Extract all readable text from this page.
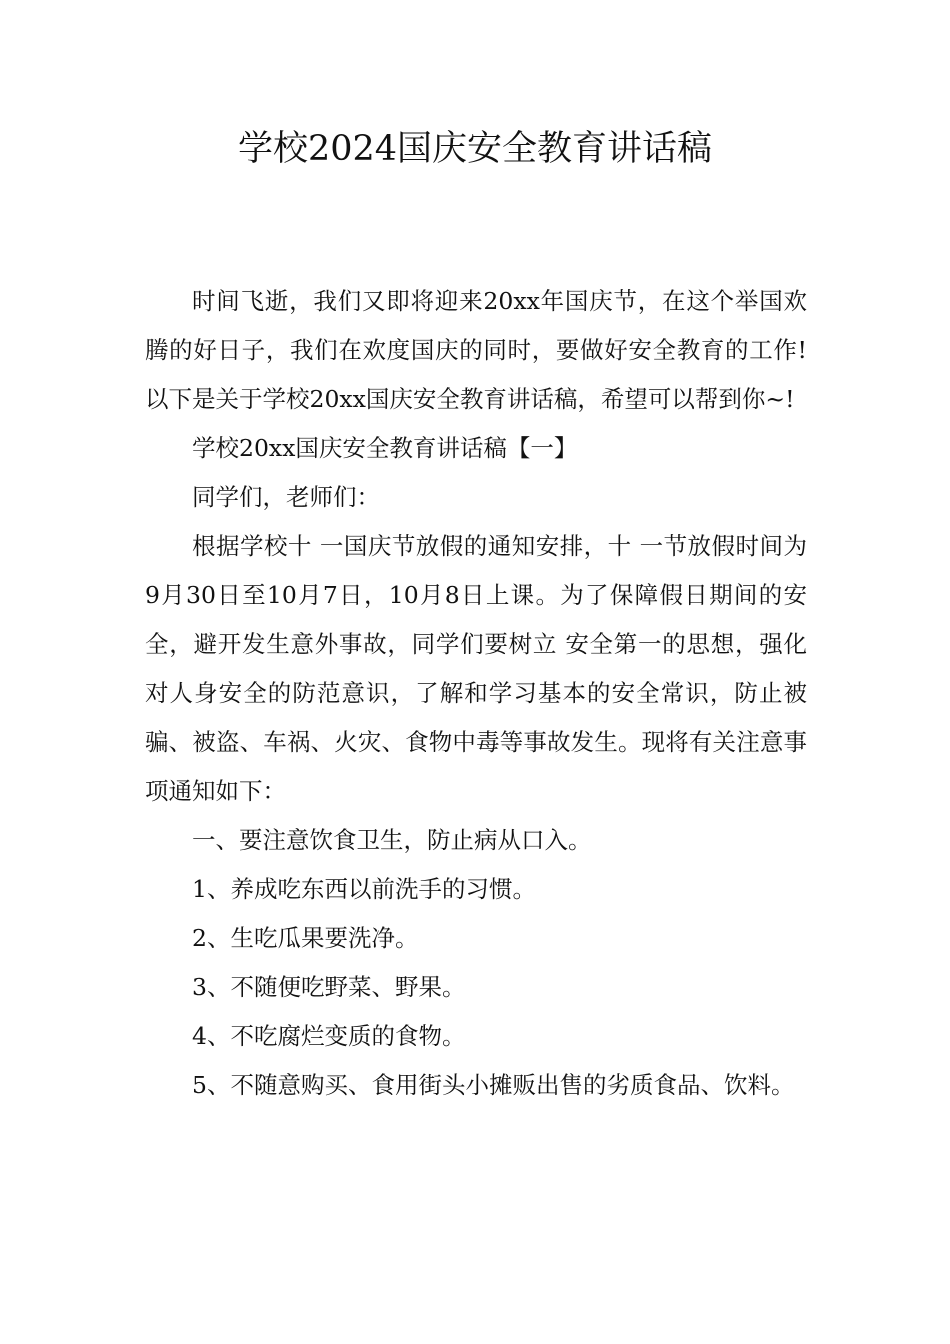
学校2024国庆安全教育讲话稿

时间飞逝，我们又即将迎来20xx年国庆节，在这个举国欢腾的好日子，我们在欢度国庆的同时，要做好安全教育的工作!以下是关于学校20xx国庆安全教育讲话稿，希望可以帮到你~!

学校20xx国庆安全教育讲话稿【一】

同学们，老师们：

根据学校十 一国庆节放假的通知安排，十 一节放假时间为9月30日至10月7日，10月8日上课。为了保障假日期间的安全，避开发生意外事故，同学们要树立 安全第一的思想，强化对人身安全的防范意识，了解和学习基本的安全常识，防止被骗、被盗、车祸、火灾、食物中毒等事故发生。现将有关注意事项通知如下：

一、要注意饮食卫生，防止病从口入。

1、养成吃东西以前洗手的习惯。

2、生吃瓜果要洗净。

3、不随便吃野菜、野果。

4、不吃腐烂变质的食物。

5、不随意购买、食用街头小摊贩出售的劣质食品、饮料。
